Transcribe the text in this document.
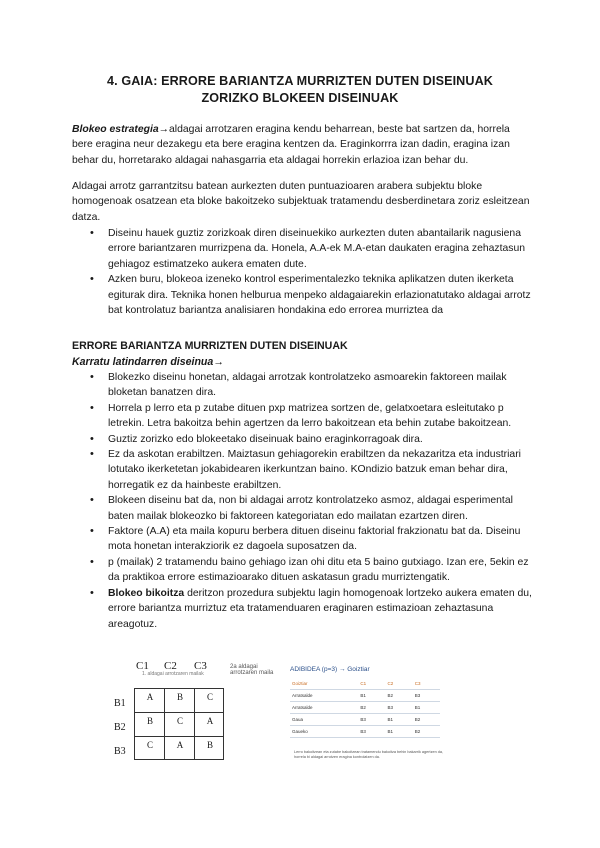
4. GAIA: ERRORE BARIANTZA MURRIZTEN DUTEN DISEINUAK
ZORIZKO BLOKEEN DISEINUAK
Blokeo estrategia→aldagai arrotzaren eragina kendu beharrean, beste bat sartzen da, horrela bere eragina neur dezakegu eta bere eragina kentzen da. Eraginkorrra izan dadin, eragina izan behar du, horretarako aldagai nahasgarria eta aldagai horrekin erlazioa izan behar du.
Aldagai arrotz garrantzitsu batean aurkezten duten puntuazioaren arabera subjektu bloke homogenoak osatzean eta bloke bakoitzeko subjektuak tratamendu desberdinetara zoriz esleitzean datza.
• Diseinu hauek guztiz zorizkoak diren diseinuekiko aurkezten duten abantailarik nagusiena errore bariantzaren murrizpena da. Honela, A.A-ek M.A-etan daukaten eragina zehaztasun gehiagoz estimatzeko aukera ematen dute.
• Azken buru, blokeoa izeneko kontrol esperimentalezko teknika aplikatzen duten ikerketa egiturak dira. Teknika honen helburua menpeko aldagaiarekin erlazionatutako aldagai arrotz bat kontrolatuz bariantza analisiaren hondakina edo errorea murriztea da
ERRORE BARIANTZA MURRIZTEN DUTEN DISEINUAK
Karratu latindarren diseinua→
• Blokezko diseinu honetan, aldagai arrotzak kontrolatzeko asmoarekin faktoreen mailak bloketan banatzen dira.
• Horrela p lerro eta p zutabe dituen pxp matrizea sortzen de, gelatxoetara esleitutako p letrekin. Letra bakoitza behin agertzen da lerro bakoitzean eta behin zutabe bakoitzean.
• Guztiz zorizko edo blokeetako diseinuak baino eraginkorragoak dira.
• Ez da askotan erabiltzen. Maiztasun gehiagorekin erabiltzen da nekazaritza eta industriari lotutako ikerketetan jokabidearen ikerkuntzan baino. KOndizio batzuk eman behar dira, horregatik ez da hainbeste erabiltzen.
• Blokeen diseinu bat da, non bi aldagai arrotz kontrolatzeko asmoz, aldagai esperimental baten mailak blokeozko bi faktoreen kategoriatan edo mailatan ezartzen diren.
• Faktore (A.A) eta maila kopuru berbera dituen diseinu faktorial frakzionatu bat da. Diseinu mota honetan interakziorik ez dagoela suposatzen da.
• p (mailak) 2 tratamendu baino gehiago izan ohi ditu eta 5 baino gutxiago. Izan ere, 5ekin ez da praktikoa errore estimazioarako dituen askatasun gradu murriztengatik.
• Blokeo bikoitza deritzon prozedura subjektu lagin homogenoak lortzeko aukera ematen du, errore bariantza murriztuz eta tratamenduaren eraginaren estimazioan zehaztasuna areagotuz.
C1 C2 C3	2a aldagai arrotzaren maila
1. aldagai arrotzaren mailak
B1
B2
B3
A	B	C
B	C	A
C	A	B
ADIBIDEA (p=3) → Goiztiar
Goiztiar	C1	C2	C3
Arratsalde	B1	B2	B3
Arratsalde	B2	B3	B1
Gaua	B3	B1	B2
Gaueko	B3	B1	B2
Lerro bakoitzean eta zutabe bakoitzean tratamendu bakoitza behin bakarrik agertzen da, horrela bi aldagai arrotzen eragina kontrolatzen da.
